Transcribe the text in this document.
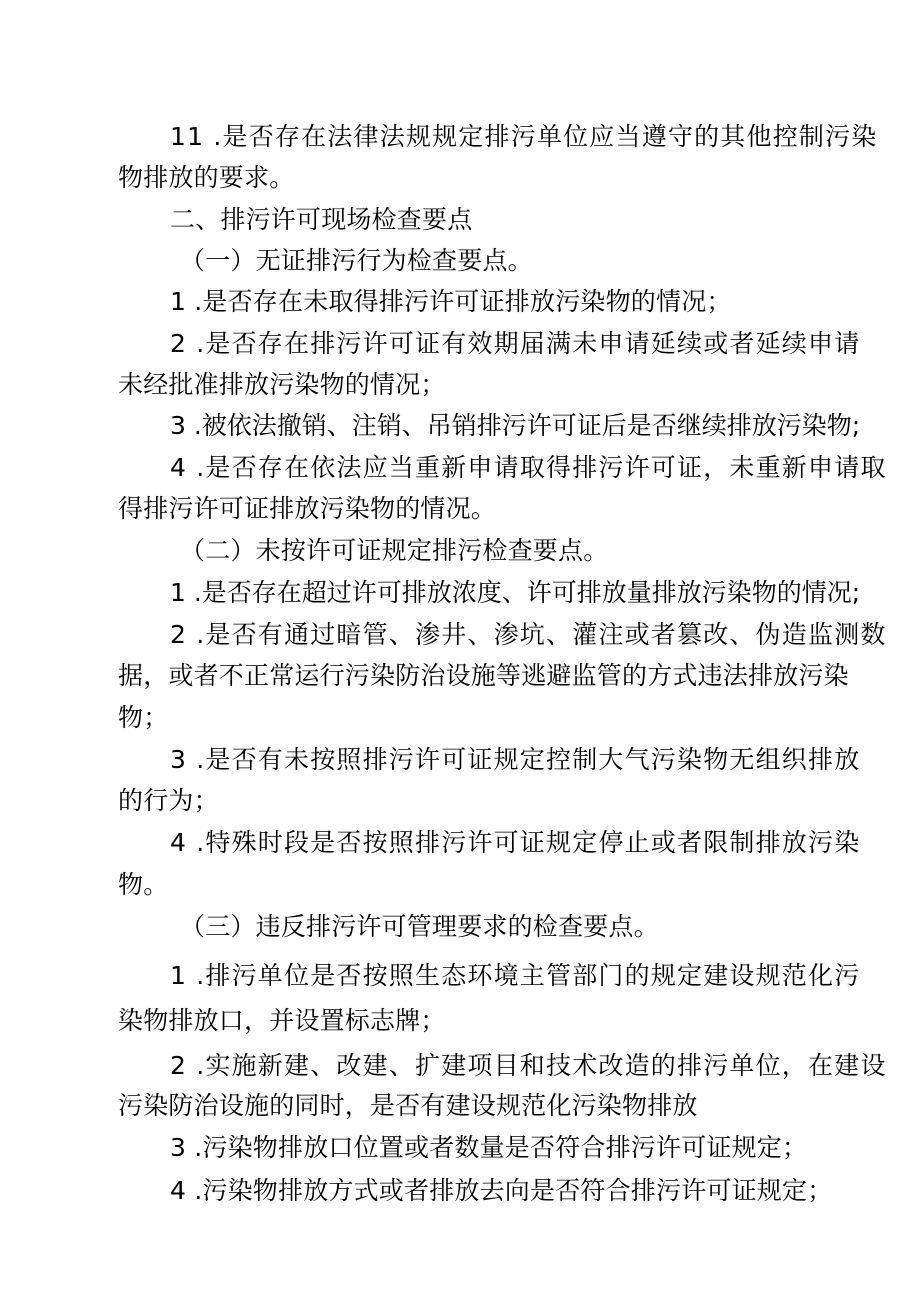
11 .是否存在法律法规规定排污单位应当遵守的其他控制污染
物排放的要求。
二、排污许可现场检查要点
（一）无证排污行为检查要点。
1 .是否存在未取得排污许可证排放污染物的情况；
2 .是否存在排污许可证有效期届满未申请延续或者延续申请
未经批准排放污染物的情况；
3 .被依法撤销、注销、吊销排污许可证后是否继续排放污染物;
4 .是否存在依法应当重新申请取得排污许可证，未重新申请取
得排污许可证排放污染物的情况。
（二）未按许可证规定排污检查要点。
1 .是否存在超过许可排放浓度、许可排放量排放污染物的情况;
2 .是否有通过暗管、渗井、渗坑、灌注或者篡改、伪造监测数
据，或者不正常运行污染防治设施等逃避监管的方式违法排放污染
物；
3 .是否有未按照排污许可证规定控制大气污染物无组织排放
的行为；
4 .特殊时段是否按照排污许可证规定停止或者限制排放污染
物。
（三）违反排污许可管理要求的检查要点。
1 .排污单位是否按照生态环境主管部门的规定建设规范化污
染物排放口，并设置标志牌；
2 .实施新建、改建、扩建项目和技术改造的排污单位，在建设
污染防治设施的同时，是否有建设规范化污染物排放
3 .污染物排放口位置或者数量是否符合排污许可证规定；
4 .污染物排放方式或者排放去向是否符合排污许可证规定；
